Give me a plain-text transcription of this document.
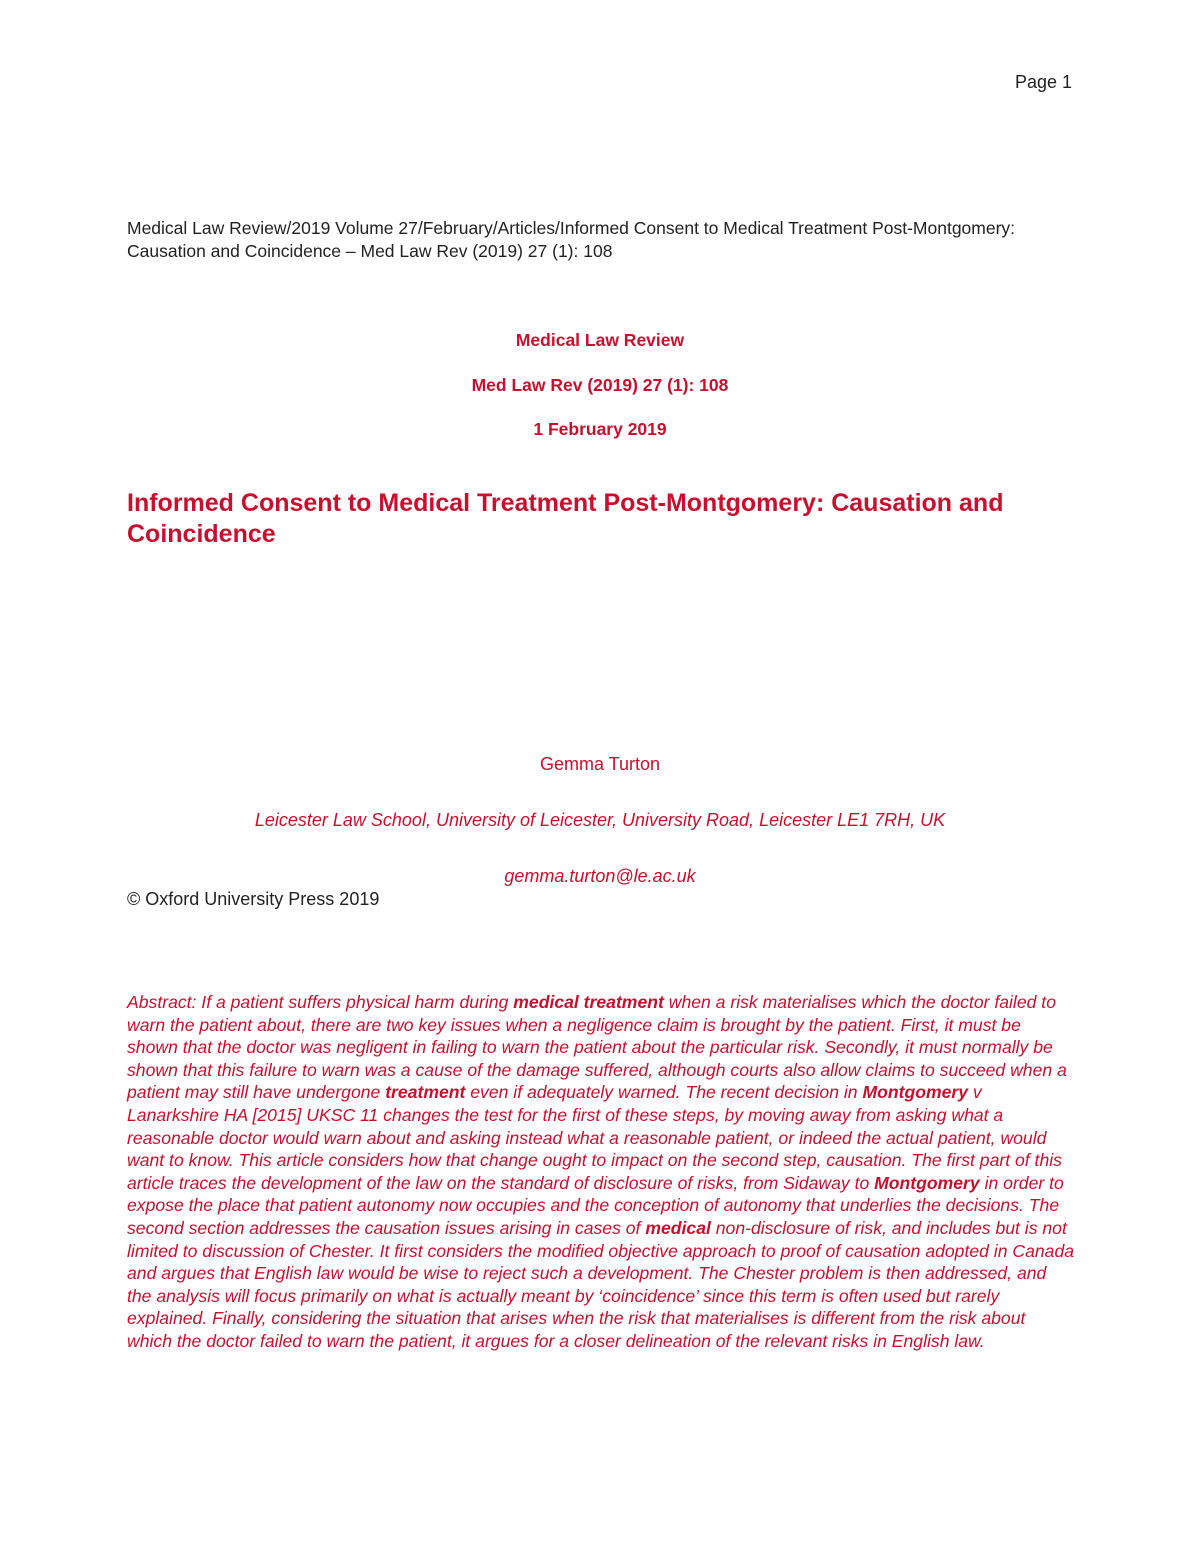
Page 1
Medical Law Review/2019 Volume 27/February/Articles/Informed Consent to Medical Treatment Post-Montgomery: Causation and Coincidence – Med Law Rev (2019) 27 (1): 108
Medical Law Review
Med Law Rev (2019) 27 (1): 108
1 February 2019
Informed Consent to Medical Treatment Post-Montgomery: Causation and Coincidence
Gemma Turton
Leicester Law School, University of Leicester, University Road, Leicester LE1 7RH, UK
gemma.turton@le.ac.uk
© Oxford University Press 2019
Abstract: If a patient suffers physical harm during medical treatment when a risk materialises which the doctor failed to warn the patient about, there are two key issues when a negligence claim is brought by the patient. First, it must be shown that the doctor was negligent in failing to warn the patient about the particular risk. Secondly, it must normally be shown that this failure to warn was a cause of the damage suffered, although courts also allow claims to succeed when a patient may still have undergone treatment even if adequately warned. The recent decision in Montgomery v Lanarkshire HA [2015] UKSC 11 changes the test for the first of these steps, by moving away from asking what a reasonable doctor would warn about and asking instead what a reasonable patient, or indeed the actual patient, would want to know. This article considers how that change ought to impact on the second step, causation. The first part of this article traces the development of the law on the standard of disclosure of risks, from Sidaway to Montgomery in order to expose the place that patient autonomy now occupies and the conception of autonomy that underlies the decisions. The second section addresses the causation issues arising in cases of medical non-disclosure of risk, and includes but is not limited to discussion of Chester. It first considers the modified objective approach to proof of causation adopted in Canada and argues that English law would be wise to reject such a development. The Chester problem is then addressed, and the analysis will focus primarily on what is actually meant by ‘coincidence’ since this term is often used but rarely explained. Finally, considering the situation that arises when the risk that materialises is different from the risk about which the doctor failed to warn the patient, it argues for a closer delineation of the relevant risks in English law.
